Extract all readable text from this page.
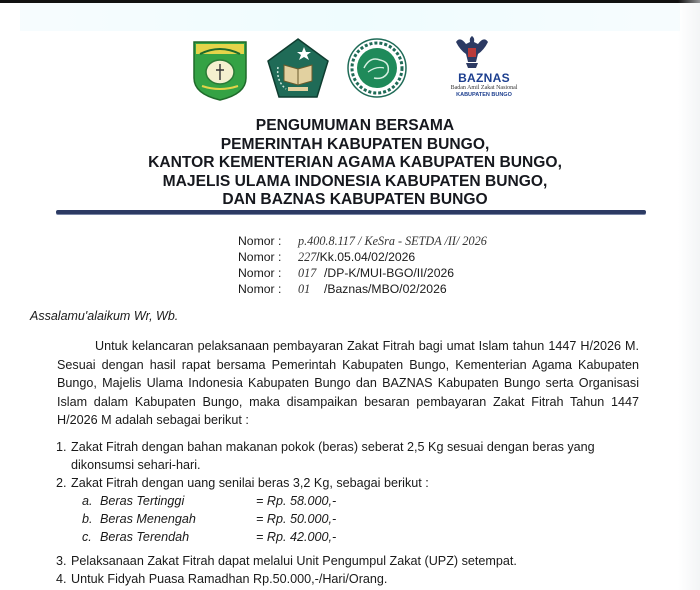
BAZNAS
Badan Amil Zakat Nasional
KABUPATEN BUNGO
PENGUMUMAN BERSAMA
PEMERINTAH KABUPATEN BUNGO,
KANTOR KEMENTERIAN AGAMA KABUPATEN BUNGO,
MAJELIS ULAMA INDONESIA KABUPATEN BUNGO,
DAN BAZNAS KABUPATEN BUNGO
Nomor : p.400.8.117 / KeSra - SETDA /II/ 2026
Nomor : 227/Kk.05.04/02/2026
Nomor : 017 /DP-K/MUI-BGO/II/2026
Nomor : 01 /Baznas/MBO/02/2026
Assalamu'alaikum Wr, Wb.
Untuk kelancaran pelaksanaan pembayaran Zakat Fitrah bagi umat Islam tahun 1447 H/2026 M. Sesuai dengan hasil rapat bersama Pemerintah Kabupaten Bungo, Kementerian Agama Kabupaten Bungo, Majelis Ulama Indonesia Kabupaten Bungo dan BAZNAS Kabupaten Bungo serta Organisasi Islam dalam Kabupaten Bungo, maka disampaikan besaran pembayaran Zakat Fitrah Tahun 1447 H/2026 M adalah sebagai berikut :
1. Zakat Fitrah dengan bahan makanan pokok (beras) seberat 2,5 Kg sesuai dengan beras yang dikonsumsi sehari-hari.
2. Zakat Fitrah dengan uang senilai beras 3,2 Kg, sebagai berikut :
a. Beras Tertinggi	= Rp. 58.000,-
b. Beras Menengah	= Rp. 50.000,-
c. Beras Terendah	= Rp. 42.000,-
3. Pelaksanaan Zakat Fitrah dapat melalui Unit Pengumpul Zakat (UPZ) setempat.
4. Untuk Fidyah Puasa Ramadhan Rp.50.000,-/Hari/Orang.
